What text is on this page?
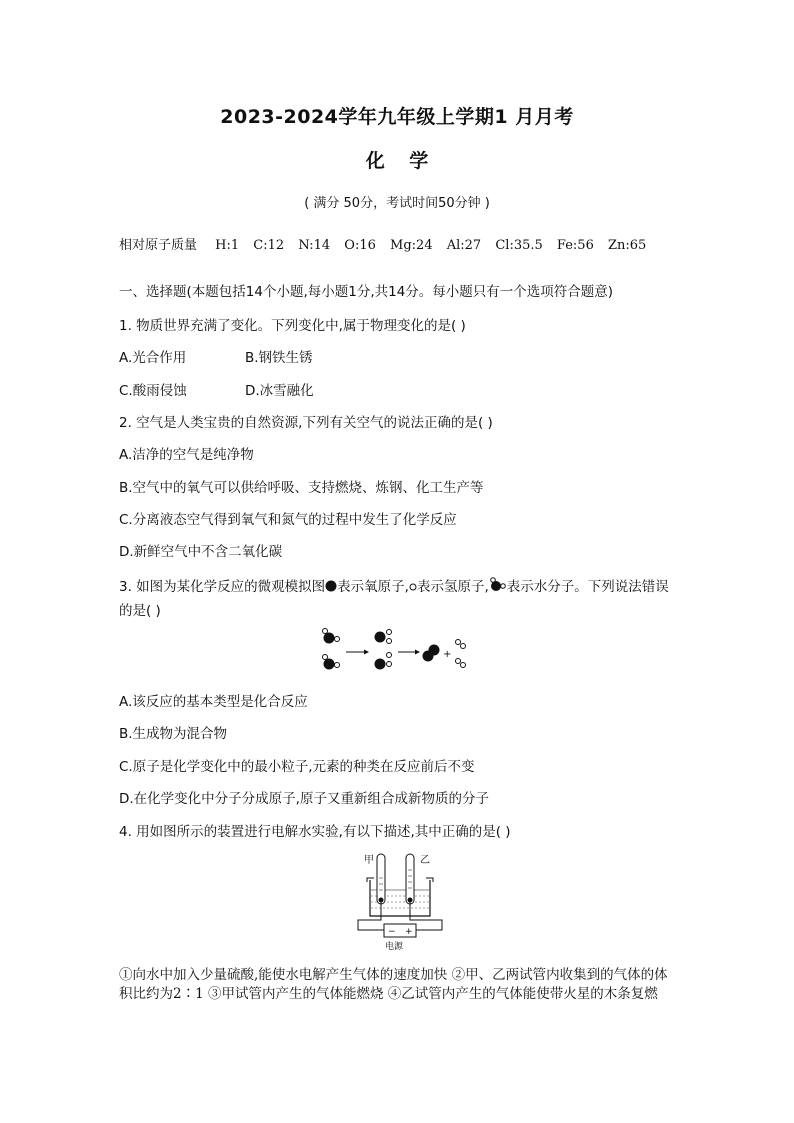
2023-2024学年九年级上学期1 月月考
化 学
( 满分 50分，考试时间50分钟 )
相对原子质量 H:1 C:12 N:14 O:16 Mg:24 Al:27 Cl:35.5 Fe:56 Zn:65
一、选择题(本题包括14个小题,每小题1分,共14分。每小题只有一个选项符合题意)
1. 物质世界充满了变化。下列变化中,属于物理变化的是( )
A.光合作用	B.钢铁生锈
C.酸雨侵蚀	D.冰雪融化
2. 空气是人类宝贵的自然资源,下列有关空气的说法正确的是( )
A.洁净的空气是纯净物
B.空气中的氧气可以供给呼吸、支持燃烧、炼钢、化工生产等
C.分离液态空气得到氧气和氮气的过程中发生了化学反应
D.新鲜空气中不含二氧化碳
3. 如图为某化学反应的微观模拟图 表示氧原子, 表示氢原子, 表示水分子。下列说法错误的是( )
+
A.该反应的基本类型是化合反应
B.生成物为混合物
C.原子是化学变化中的最小粒子,元素的种类在反应前后不变
D.在化学变化中分子分成原子,原子又重新组合成新物质的分子
4. 用如图所示的装置进行电解水实验,有以下描述,其中正确的是( )
甲	乙
− +
电源
①向水中加入少量硫酸,能使水电解产生气体的速度加快 ②甲、乙两试管内收集到的气体的体积比约为2∶1 ③甲试管内产生的气体能燃烧 ④乙试管内产生的气体能使带火星的木条复燃
